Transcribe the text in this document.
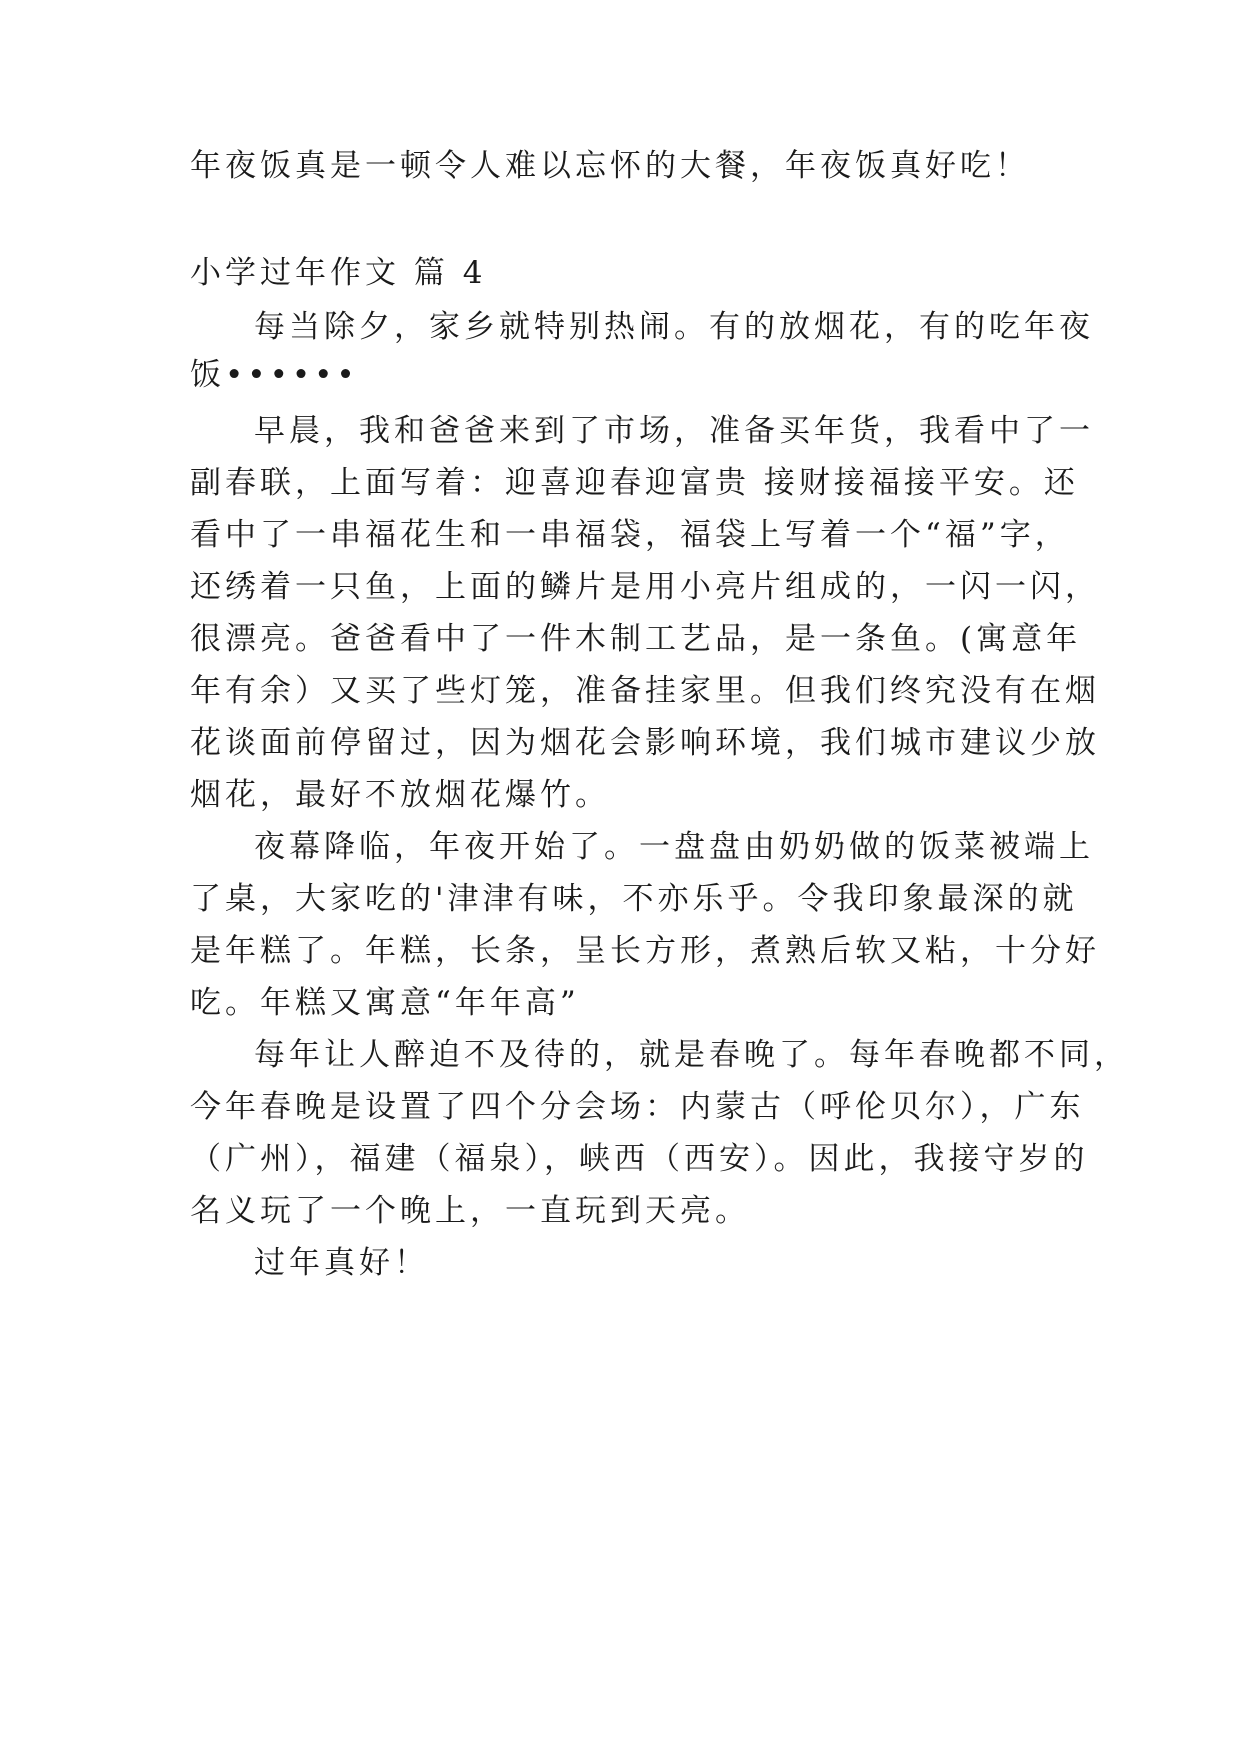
年夜饭真是一顿令人难以忘怀的大餐，年夜饭真好吃！

小学过年作文 篇 4

每当除夕，家乡就特别热闹。有的放烟花，有的吃年夜

饭••••••

早晨，我和爸爸来到了市场，准备买年货，我看中了一

副春联，上面写着：迎喜迎春迎富贵 接财接福接平安。还

看中了一串福花生和一串福袋，福袋上写着一个“福”字，

还绣着一只鱼，上面的鳞片是用小亮片组成的，一闪一闪，

很漂亮。爸爸看中了一件木制工艺品，是一条鱼。(寓意年

年有余）又买了些灯笼，准备挂家里。但我们终究没有在烟

花谈面前停留过，因为烟花会影响环境，我们城市建议少放

烟花，最好不放烟花爆竹。

夜幕降临，年夜开始了。一盘盘由奶奶做的饭菜被端上

了桌，大家吃的'津津有味，不亦乐乎。令我印象最深的就

是年糕了。年糕，长条，呈长方形，煮熟后软又粘，十分好

吃。年糕又寓意“年年高”

每年让人醉迫不及待的，就是春晚了。每年春晚都不同，

今年春晚是设置了四个分会场：内蒙古（呼伦贝尔），广东

（广州），福建（福泉），峡西（西安）。因此，我接守岁的

名义玩了一个晚上，一直玩到天亮。

过年真好！
